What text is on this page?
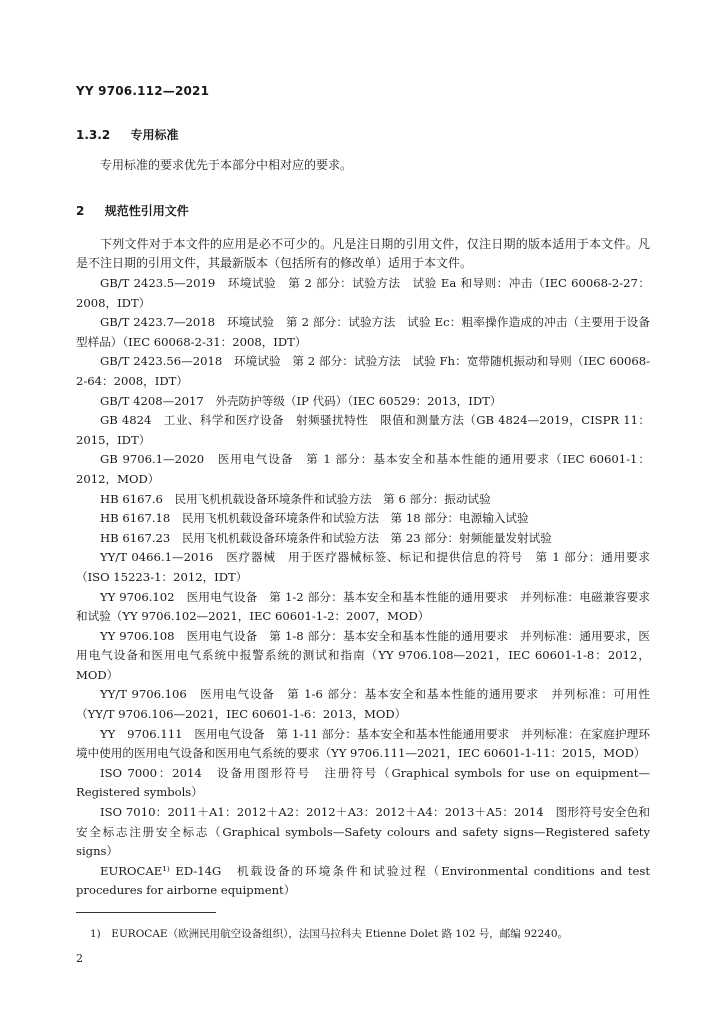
YY 9706.112—2021
1.3.2 专用标准

专用标准的要求优先于本部分中相对应的要求。

2 规范性引用文件

下列文件对于本文件的应用是必不可少的。凡是注日期的引用文件，仅注日期的版本适用于本文件。凡是不注日期的引用文件，其最新版本（包括所有的修改单）适用于本文件。

GB/T 2423.5—2019　环境试验　第 2 部分：试验方法　试验 Ea 和导则：冲击（IEC 60068-2-27：2008，IDT）

GB/T 2423.7—2018　环境试验　第 2 部分：试验方法　试验 Ec：粗率操作造成的冲击（主要用于设备型样品）（IEC 60068-2-31：2008，IDT）

GB/T 2423.56—2018　环境试验　第 2 部分：试验方法　试验 Fh：宽带随机振动和导则（IEC 60068-2-64：2008，IDT）

GB/T 4208—2017　外壳防护等级（IP 代码）（IEC 60529：2013，IDT）

GB 4824　工业、科学和医疗设备　射频骚扰特性　限值和测量方法（GB 4824—2019，CISPR 11：2015，IDT）

GB 9706.1—2020　医用电气设备　第 1 部分：基本安全和基本性能的通用要求（IEC 60601-1：2012，MOD）

HB 6167.6　民用飞机机载设备环境条件和试验方法　第 6 部分：振动试验

HB 6167.18　民用飞机机载设备环境条件和试验方法　第 18 部分：电源输入试验

HB 6167.23　民用飞机机载设备环境条件和试验方法　第 23 部分：射频能量发射试验

YY/T 0466.1—2016　医疗器械　用于医疗器械标签、标记和提供信息的符号　第 1 部分：通用要求（ISO 15223-1：2012，IDT）

YY 9706.102　医用电气设备　第 1-2 部分：基本安全和基本性能的通用要求　并列标准：电磁兼容要求和试验（YY 9706.102—2021，IEC 60601-1-2：2007，MOD）

YY 9706.108　医用电气设备　第 1-8 部分：基本安全和基本性能的通用要求　并列标准：通用要求，医用电气设备和医用电气系统中报警系统的测试和指南（YY 9706.108—2021，IEC 60601-1-8：2012，MOD）

YY/T 9706.106　医用电气设备　第 1-6 部分：基本安全和基本性能的通用要求　并列标准：可用性（YY/T 9706.106—2021，IEC 60601-1-6：2013，MOD）

YY　9706.111　医用电气设备　第 1-11 部分：基本安全和基本性能通用要求　并列标准：在家庭护理环境中使用的医用电气设备和医用电气系统的要求（YY 9706.111—2021，IEC 60601-1-11：2015，MOD）

ISO 7000：2014　设备用图形符号　注册符号（Graphical symbols for use on equipment—Registered symbols）

ISO 7010：2011＋A1：2012＋A2：2012＋A3：2012＋A4：2013＋A5：2014　图形符号安全色和安全标志注册安全标志（Graphical symbols—Safety colours and safety signs—Registered safety signs）

EUROCAE¹⁾ ED-14G　机载设备的环境条件和试验过程（Environmental conditions and test procedures for airborne equipment）

1)　EUROCAE（欧洲民用航空设备组织），法国马拉科夫 Etienne Dolet 路 102 号，邮编 92240。
2
